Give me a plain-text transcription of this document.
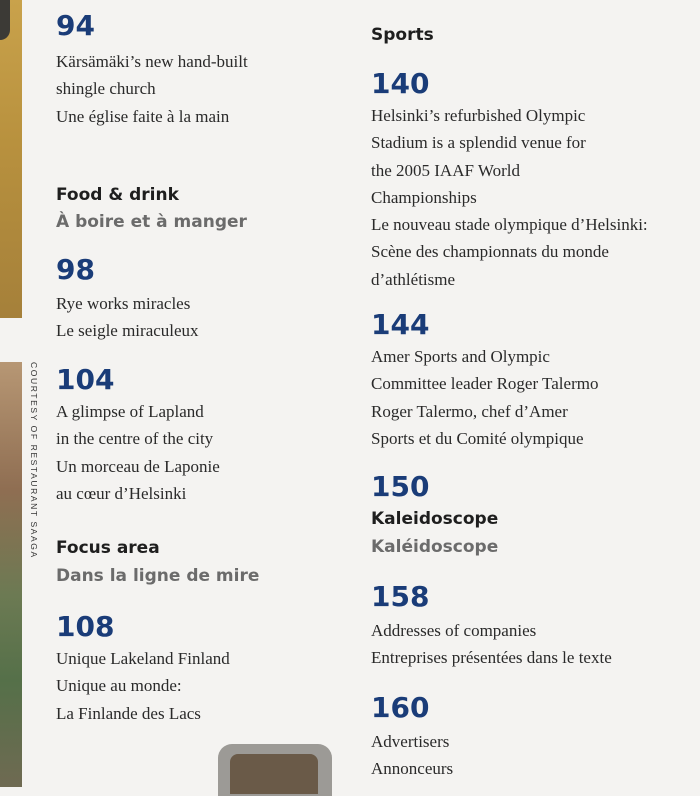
COURTESY OF RESTAURANT SAAGA
94
Kärsämäki’s new hand-built
shingle church
Une église faite à la main
Food & drink
À boire et à manger
98
Rye works miracles
Le seigle miraculeux
104
A glimpse of Lapland
in the centre of the city
Un morceau de Laponie
au cœur d’Helsinki
Focus area
Dans la ligne de mire
108
Unique Lakeland Finland
Unique au monde:
La Finlande des Lacs
Sports
140
Helsinki’s refurbished Olympic
Stadium is a splendid venue for
the 2005 IAAF World
Championships
Le nouveau stade olympique d’Helsinki:
Scène des championnats du monde
d’athlétisme
144
Amer Sports and Olympic
Committee leader Roger Talermo
Roger Talermo, chef d’Amer
Sports et du Comité olympique
150
Kaleidoscope
Kaléidoscope
158
Addresses of companies
Entreprises présentées dans le texte
160
Advertisers
Annonceurs
